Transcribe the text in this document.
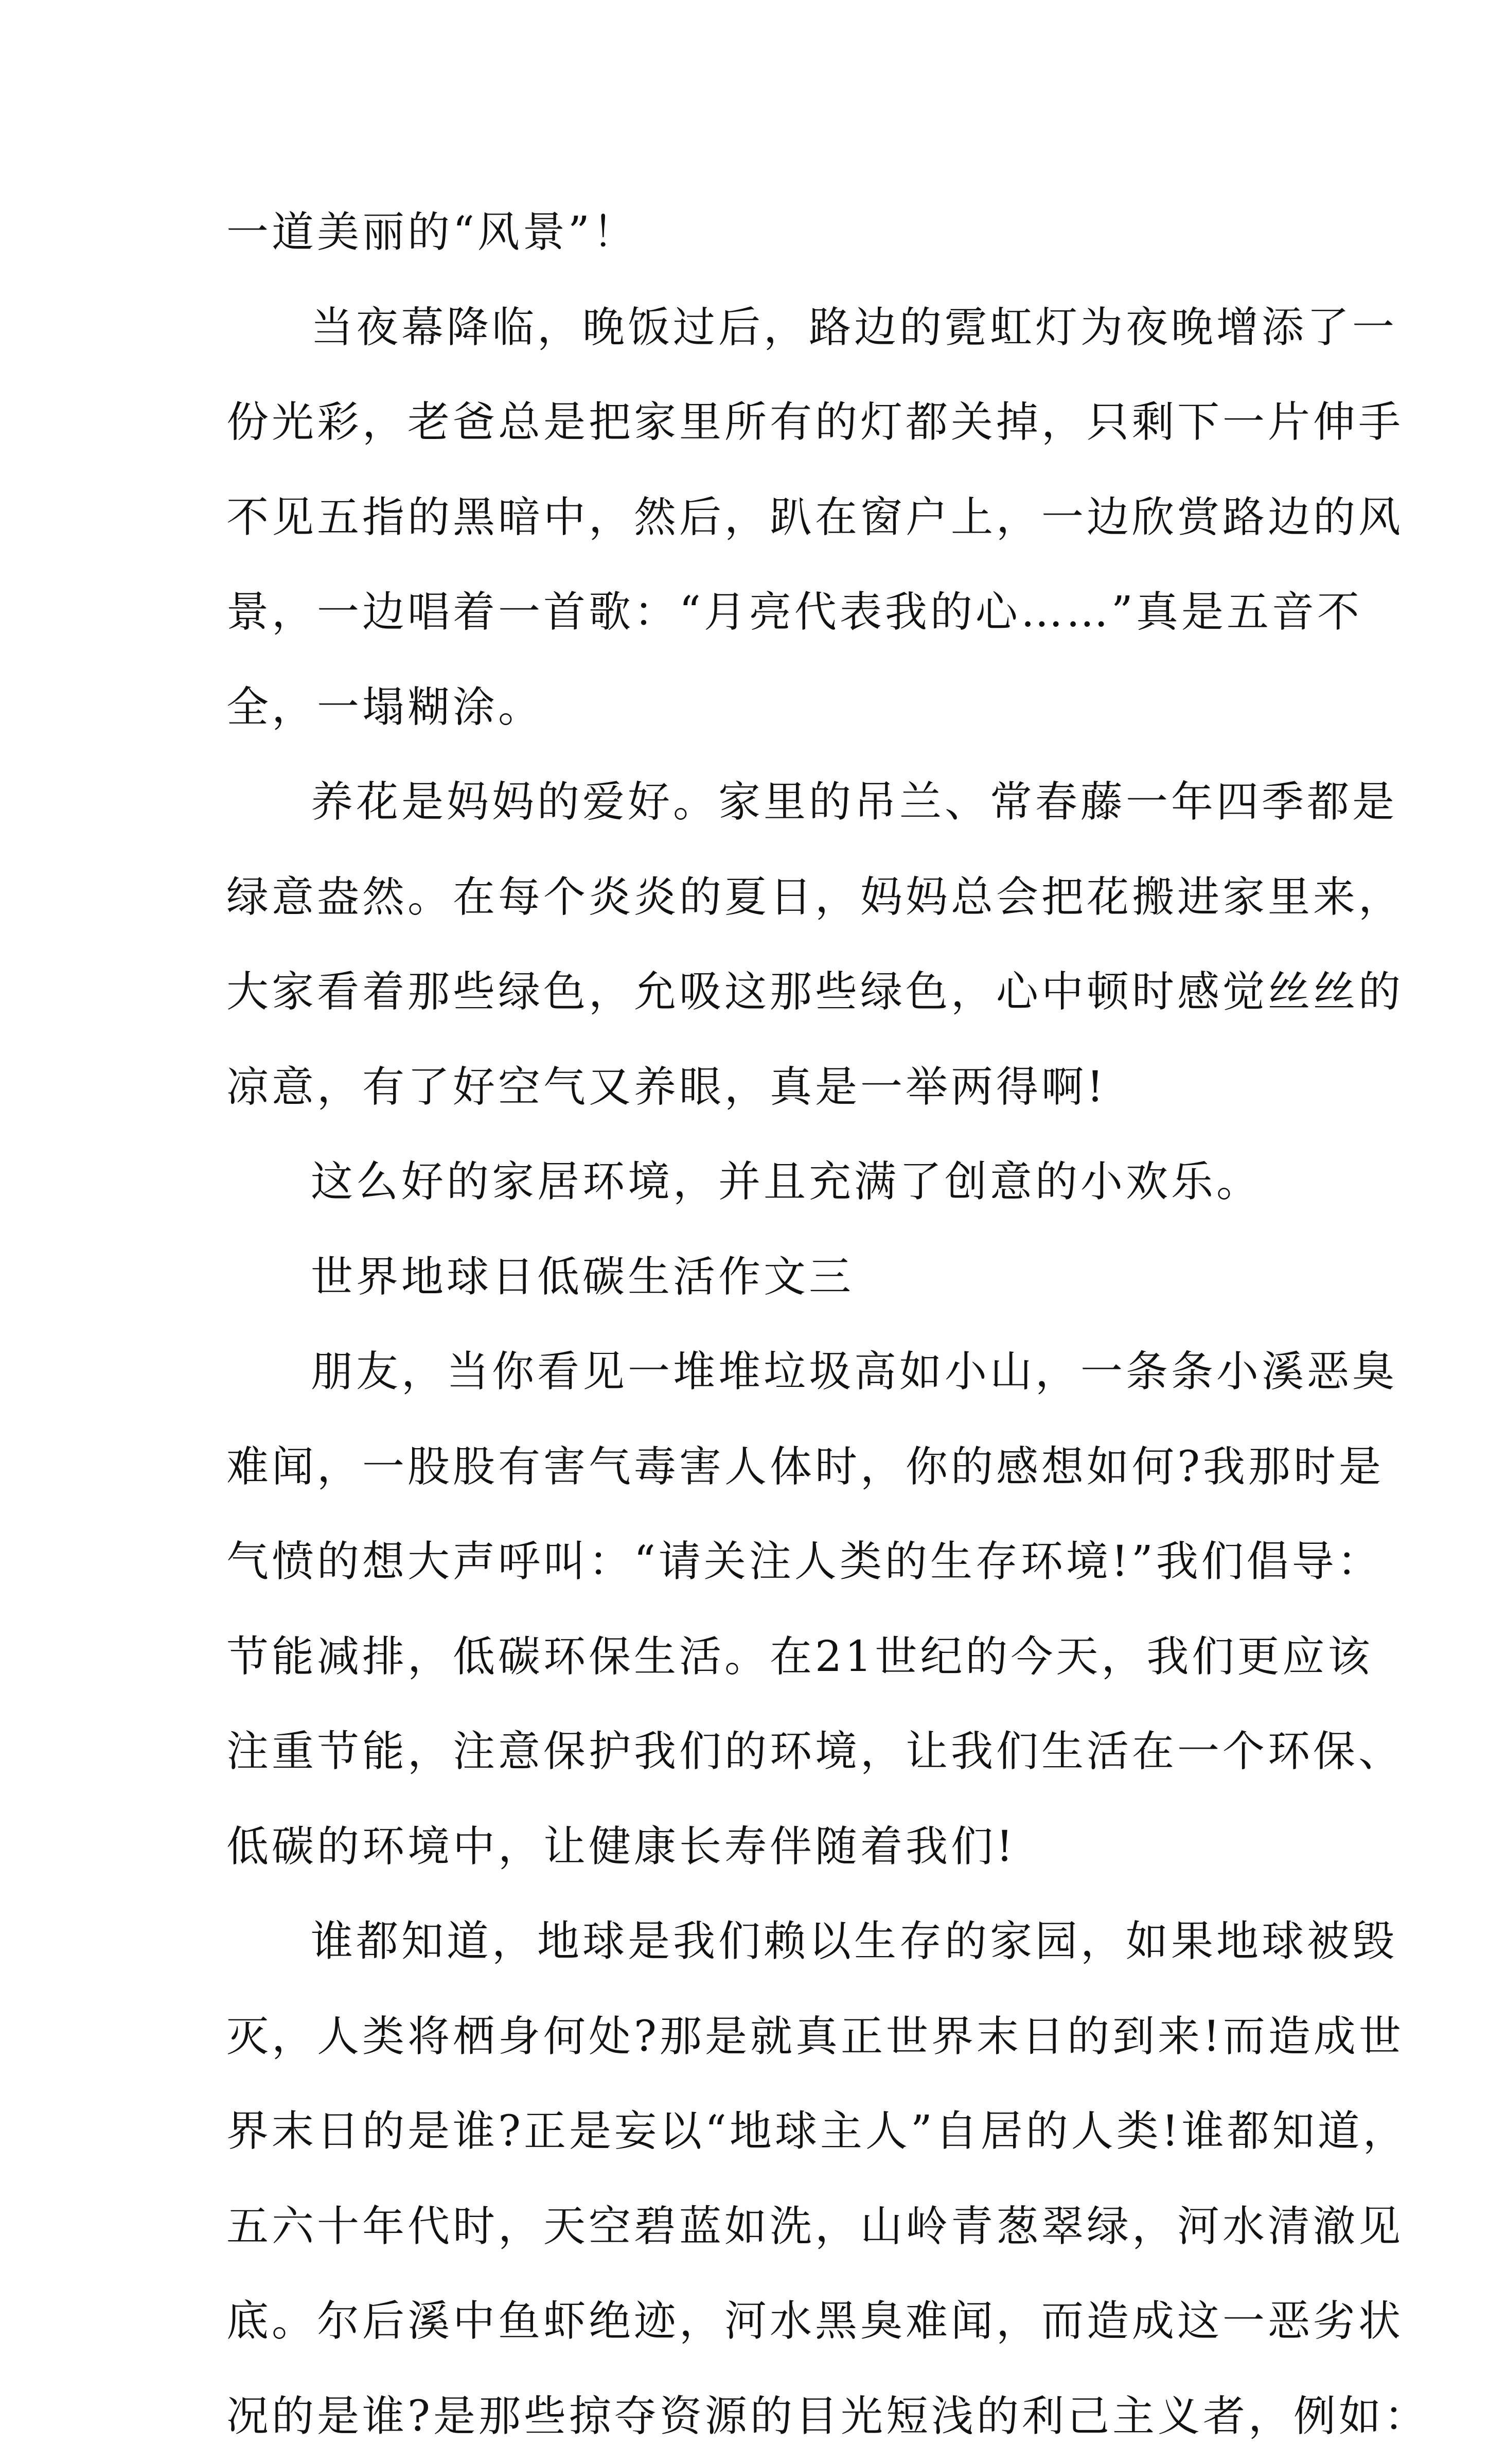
一道美丽的“风景”！
当夜幕降临，晚饭过后，路边的霓虹灯为夜晚增添了一
份光彩，老爸总是把家里所有的灯都关掉，只剩下一片伸手
不见五指的黑暗中，然后，趴在窗户上，一边欣赏路边的风
景，一边唱着一首歌：“月亮代表我的心……”真是五音不
全，一塌糊涂。
养花是妈妈的爱好。家里的吊兰、常春藤一年四季都是
绿意盎然。在每个炎炎的夏日，妈妈总会把花搬进家里来，
大家看着那些绿色，允吸这那些绿色，心中顿时感觉丝丝的
凉意，有了好空气又养眼，真是一举两得啊!
这么好的家居环境，并且充满了创意的小欢乐。
世界地球日低碳生活作文三
朋友，当你看见一堆堆垃圾高如小山，一条条小溪恶臭
难闻，一股股有害气毒害人体时，你的感想如何?我那时是
气愤的想大声呼叫：“请关注人类的生存环境!”我们倡导：
节能减排，低碳环保生活。在21世纪的今天，我们更应该
注重节能，注意保护我们的环境，让我们生活在一个环保、
低碳的环境中，让健康长寿伴随着我们!
谁都知道，地球是我们赖以生存的家园，如果地球被毁
灭，人类将栖身何处?那是就真正世界末日的到来!而造成世
界末日的是谁?正是妄以“地球主人”自居的人类!谁都知道，
五六十年代时，天空碧蓝如洗，山岭青葱翠绿，河水清澈见
底。尔后溪中鱼虾绝迹，河水黑臭难闻，而造成这一恶劣状
况的是谁?是那些掠夺资源的目光短浅的利己主义者，例如：
